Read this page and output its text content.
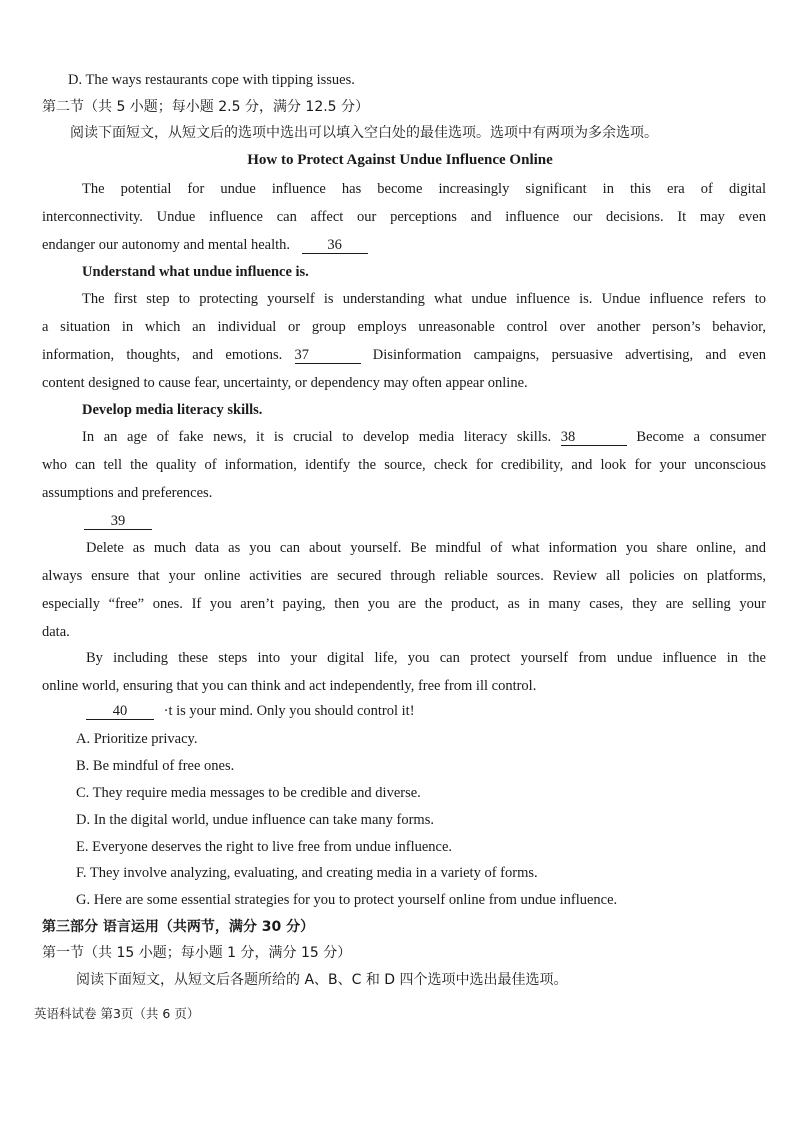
D. The ways restaurants cope with tipping issues.
第二节（共 5 小题；每小题 2.5 分，满分 12.5 分）
阅读下面短文，从短文后的选项中选出可以填入空白处的最佳选项。选项中有两项为多余选项。
How to Protect Against Undue Influence Online
The potential for undue influence has become increasingly significant in this era of digital
interconnectivity. Undue influence can affect our perceptions and influence our decisions. It may even
endanger our autonomy and mental health.	36
Understand what undue influence is.
The first step to protecting yourself is understanding what undue influence is. Undue influence refers to
a situation in which an individual or group employs unreasonable control over another person’s behavior,
information, thoughts, and emotions. 37	Disinformation campaigns, persuasive advertising, and even
content designed to cause fear, uncertainty, or dependency may often appear online.
Develop media literacy skills.
In an age of fake news, it is crucial to develop media literacy skills. 38	Become a consumer
who can tell the quality of information, identify the source, check for credibility, and look for your unconscious
assumptions and preferences.
39
Delete as much data as you can about yourself. Be mindful of what information you share online, and
always ensure that your online activities are secured through reliable sources. Review all policies on platforms,
especially “free” ones. If you aren’t paying, then you are the product, as in many cases, they are selling your
data.
By including these steps into your digital life, you can protect yourself from undue influence in the
online world, ensuring that you can think and act independently, free from ill control.
40	·t is your mind. Only you should control it!
A. Prioritize privacy.
B. Be mindful of free ones.
C. They require media messages to be credible and diverse.
D. In the digital world, undue influence can take many forms.
E. Everyone deserves the right to live free from undue influence.
F. They involve analyzing, evaluating, and creating media in a variety of forms.
G. Here are some essential strategies for you to protect yourself online from undue influence.
第三部分 语言运用（共两节，满分 30 分）
第一节（共 15 小题；每小题 1 分，满分 15 分）
阅读下面短文，从短文后各题所给的 A、B、C 和 D 四个选项中选出最佳选项。
英语科试卷 第3页（共 6 页）
